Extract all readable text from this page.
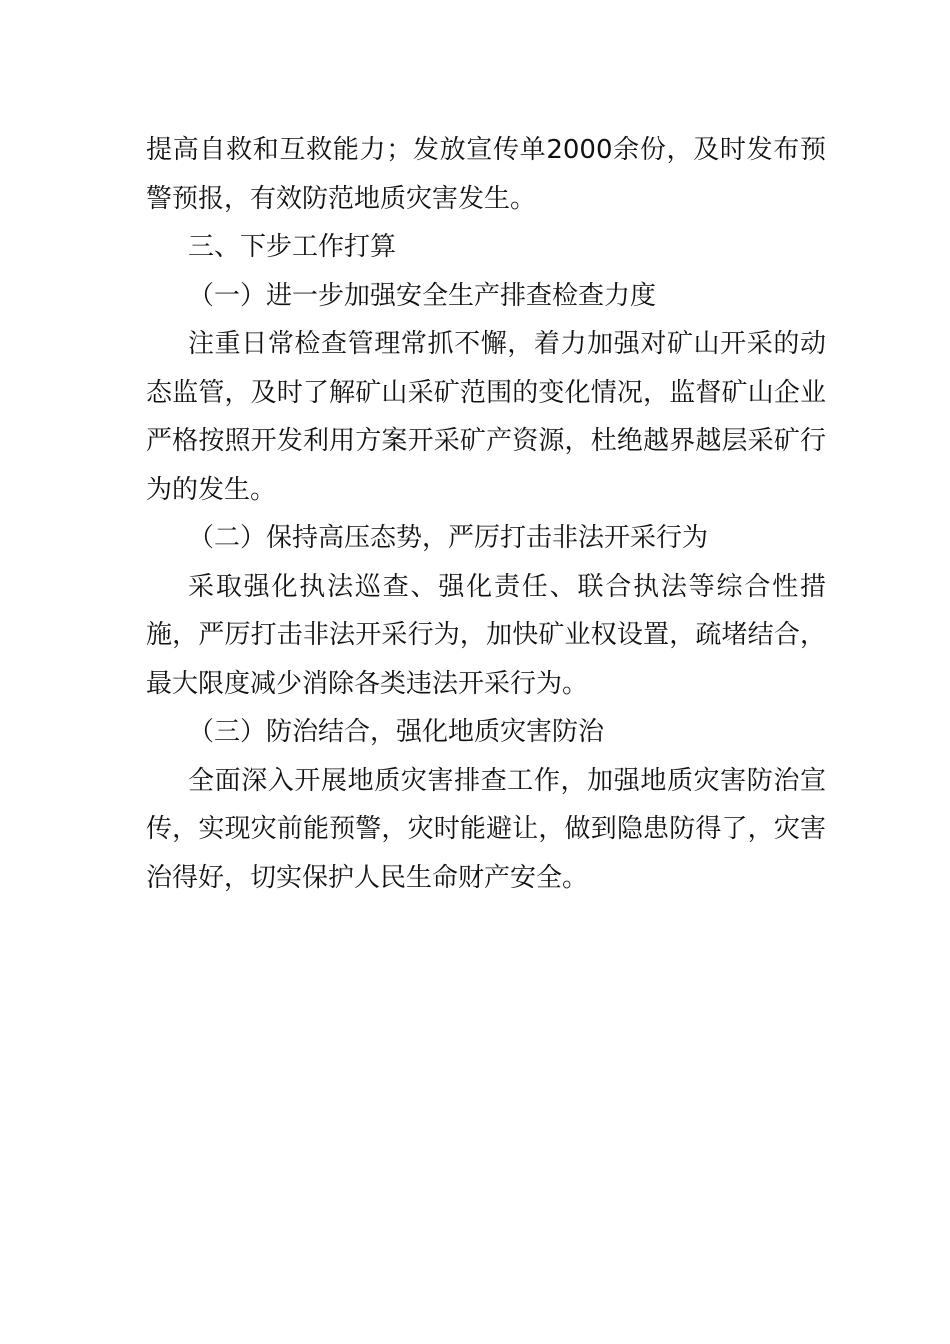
提高自救和互救能力；发放宣传单2000余份，及时发布预警预报，有效防范地质灾害发生。

三、下步工作打算

（一）进一步加强安全生产排查检查力度

注重日常检查管理常抓不懈，着力加强对矿山开采的动态监管，及时了解矿山采矿范围的变化情况，监督矿山企业严格按照开发利用方案开采矿产资源，杜绝越界越层采矿行为的发生。

（二）保持高压态势，严厉打击非法开采行为

采取强化执法巡查、强化责任、联合执法等综合性措施，严厉打击非法开采行为，加快矿业权设置，疏堵结合，最大限度减少消除各类违法开采行为。

（三）防治结合，强化地质灾害防治

全面深入开展地质灾害排查工作，加强地质灾害防治宣传，实现灾前能预警，灾时能避让，做到隐患防得了，灾害治得好，切实保护人民生命财产安全。
